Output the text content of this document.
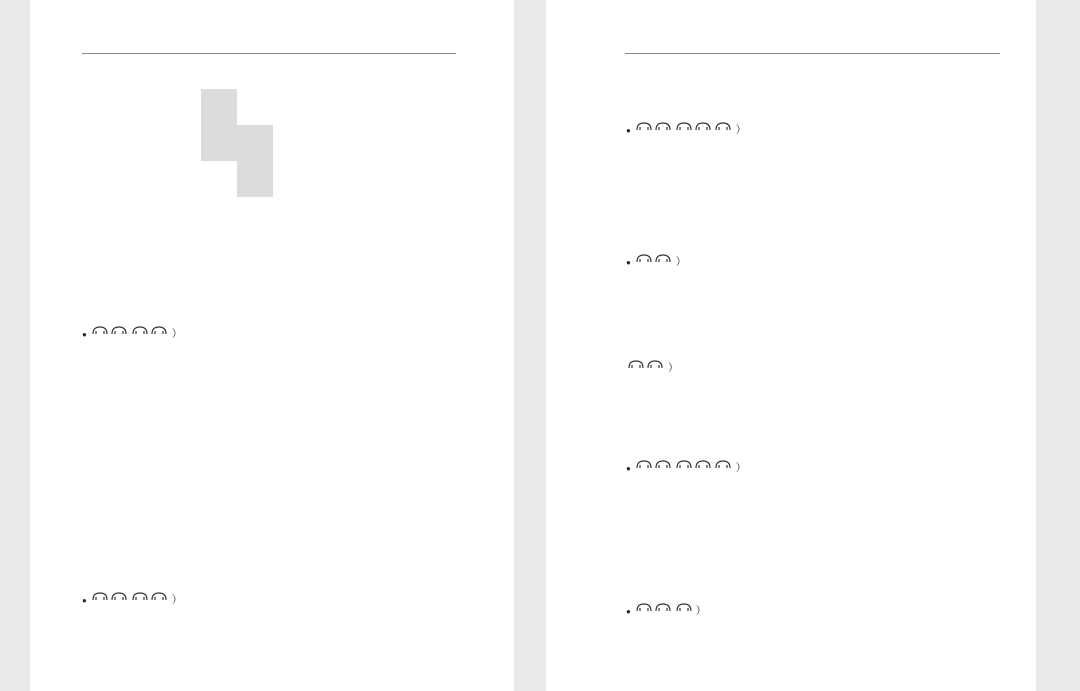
●	）
●	）
●	）
●	）
）
●	）
●	）
